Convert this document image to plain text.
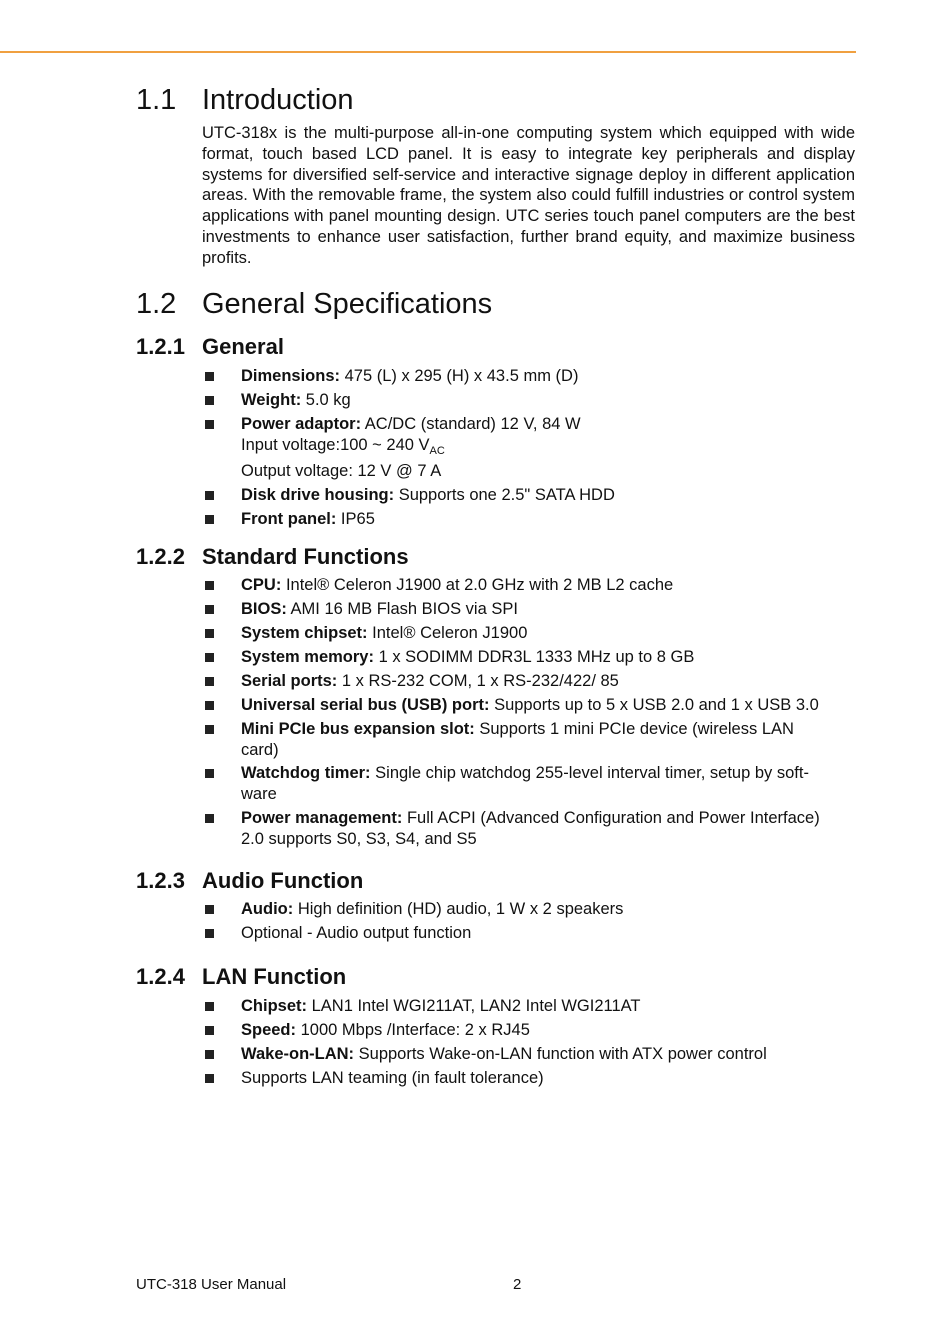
1.1 Introduction

UTC-318x is the multi-purpose all-in-one computing system which equipped with wide format, touch based LCD panel. It is easy to integrate key peripherals and display systems for diversified self-service and interactive signage deploy in different application areas. With the removable frame, the system also could fulfill industries or control system applications with panel mounting design. UTC series touch panel computers are the best investments to enhance user satisfaction, further brand equity, and maximize business profits.

1.2 General Specifications
1.2.1 General
Dimensions: 475 (L) x 295 (H) x 43.5 mm (D)
Weight: 5.0 kg
Power adaptor: AC/DC (standard) 12 V, 84 W
Input voltage:100 ~ 240 $V_{AC}$
Output voltage: 12 V @ 7 A
Disk drive housing: Supports one 2.5" SATA HDD
Front panel: IP65
1.2.2 Standard Functions
CPU: Intel® Celeron J1900 at 2.0 GHz with 2 MB L2 cache
BIOS: AMI 16 MB Flash BIOS via SPI
System chipset: Intel® Celeron J1900
System memory: 1 x SODIMM DDR3L 1333 MHz up to 8 GB
Serial ports: 1 x RS-232 COM, 1 x RS-232/422/ 85
Universal serial bus (USB) port: Supports up to 5 x USB 2.0 and 1 x USB 3.0
Mini PCIe bus expansion slot: Supports 1 mini PCIe device (wireless LAN
card)
Watchdog timer: Single chip watchdog 255-level interval timer, setup by soft-
ware
Power management: Full ACPI (Advanced Configuration and Power Interface)
2.0 supports S0, S3, S4, and S5
1.2.3 Audio Function
Audio: High definition (HD) audio, 1 W x 2 speakers
Optional - Audio output function
1.2.4 LAN Function
Chipset: LAN1 Intel WGI211AT, LAN2 Intel WGI211AT
Speed: 1000 Mbps /Interface: 2 x RJ45
Wake-on-LAN: Supports Wake-on-LAN function with ATX power control
Supports LAN teaming (in fault tolerance)
UTC-318 User Manual	2
